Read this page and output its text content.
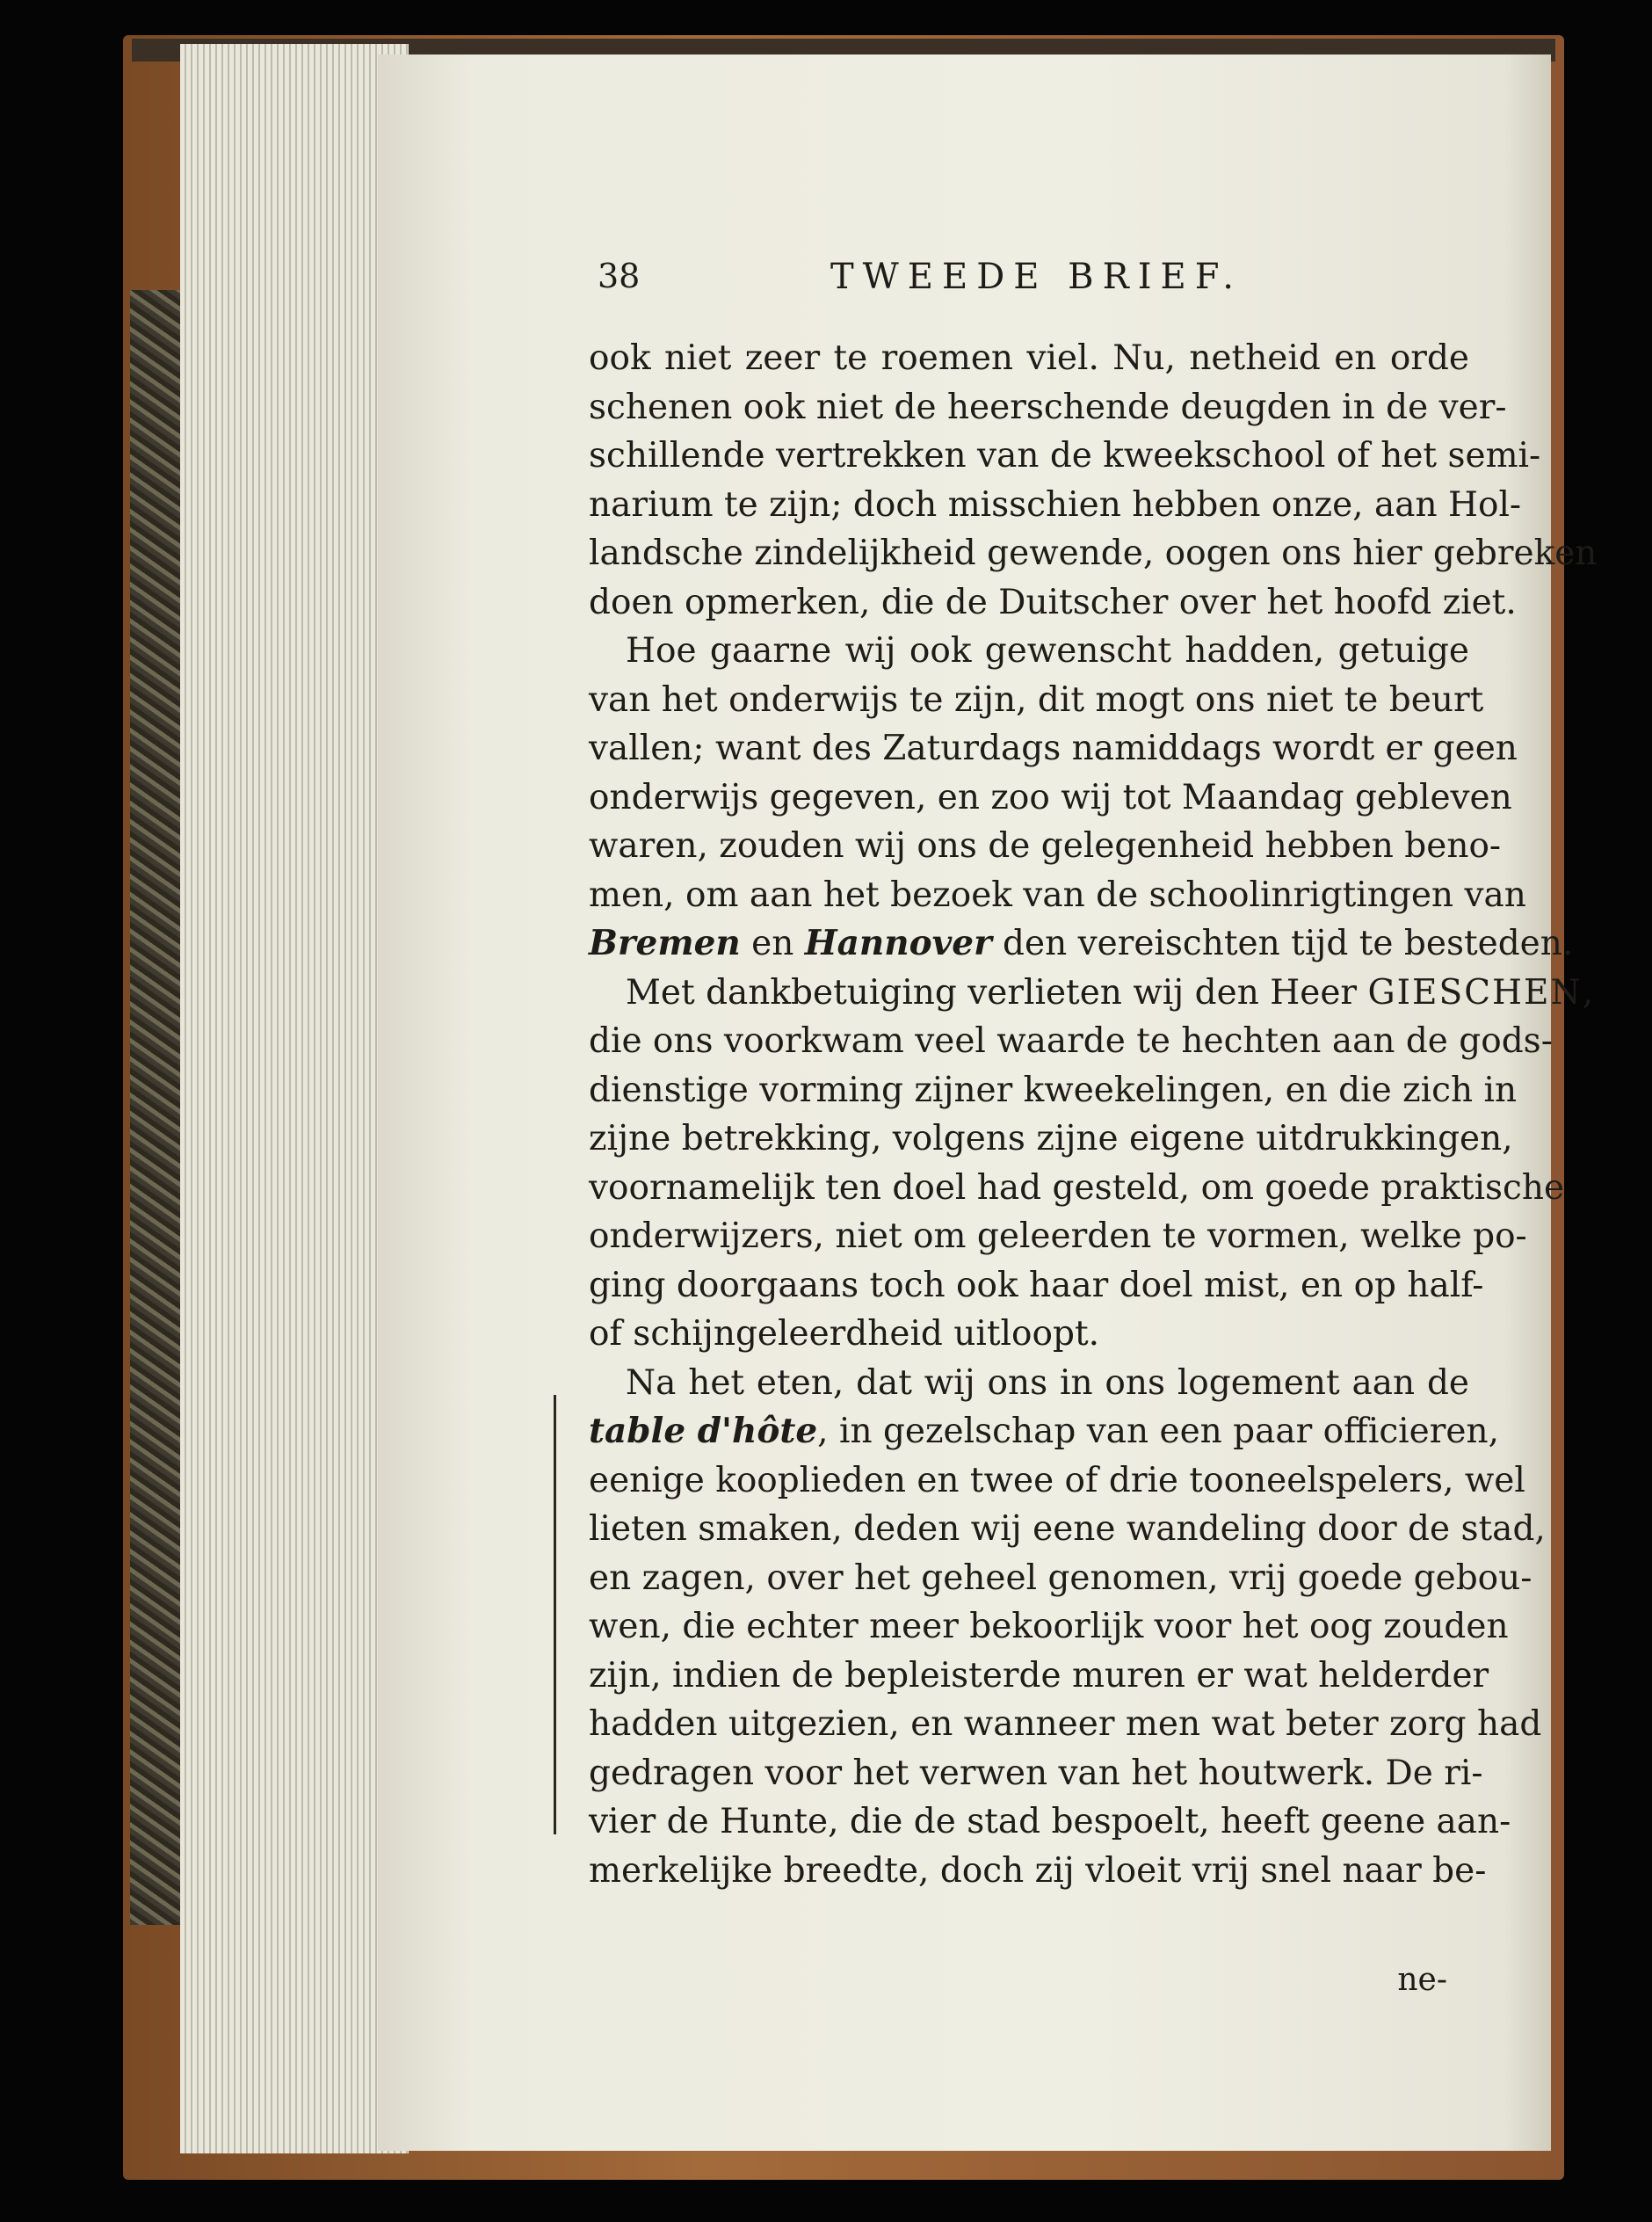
38	TWEEDE BRIEF.
ook niet zeer te roemen viel. Nu, netheid en orde
schenen ook niet de heerschende deugden in de ver-
schillende vertrekken van de kweekschool of het semi-
narium te zijn; doch misschien hebben onze, aan Hol-
landsche zindelijkheid gewende, oogen ons hier gebreken
doen opmerken, die de Duitscher over het hoofd ziet.
Hoe gaarne wij ook gewenscht hadden, getuige
van het onderwijs te zijn, dit mogt ons niet te beurt
vallen; want des Zaturdags namiddags wordt er geen
onderwijs gegeven, en zoo wij tot Maandag gebleven
waren, zouden wij ons de gelegenheid hebben beno-
men, om aan het bezoek van de schoolinrigtingen van
Bremen en Hannover den vereischten tijd te besteden.
Met dankbetuiging verlieten wij den Heer GIESCHEN,
die ons voorkwam veel waarde te hechten aan de gods-
dienstige vorming zijner kweekelingen, en die zich in
zijne betrekking, volgens zijne eigene uitdrukkingen,
voornamelijk ten doel had gesteld, om goede praktische
onderwijzers, niet om geleerden te vormen, welke po-
ging doorgaans toch ook haar doel mist, en op half-
of schijngeleerdheid uitloopt.
Na het eten, dat wij ons in ons logement aan de
table d'hôte, in gezelschap van een paar officieren,
eenige kooplieden en twee of drie tooneelspelers, wel
lieten smaken, deden wij eene wandeling door de stad,
en zagen, over het geheel genomen, vrij goede gebou-
wen, die echter meer bekoorlijk voor het oog zouden
zijn, indien de bepleisterde muren er wat helderder
hadden uitgezien, en wanneer men wat beter zorg had
gedragen voor het verwen van het houtwerk. De ri-
vier de Hunte, die de stad bespoelt, heeft geene aan-
merkelijke breedte, doch zij vloeit vrij snel naar be-
ne-
